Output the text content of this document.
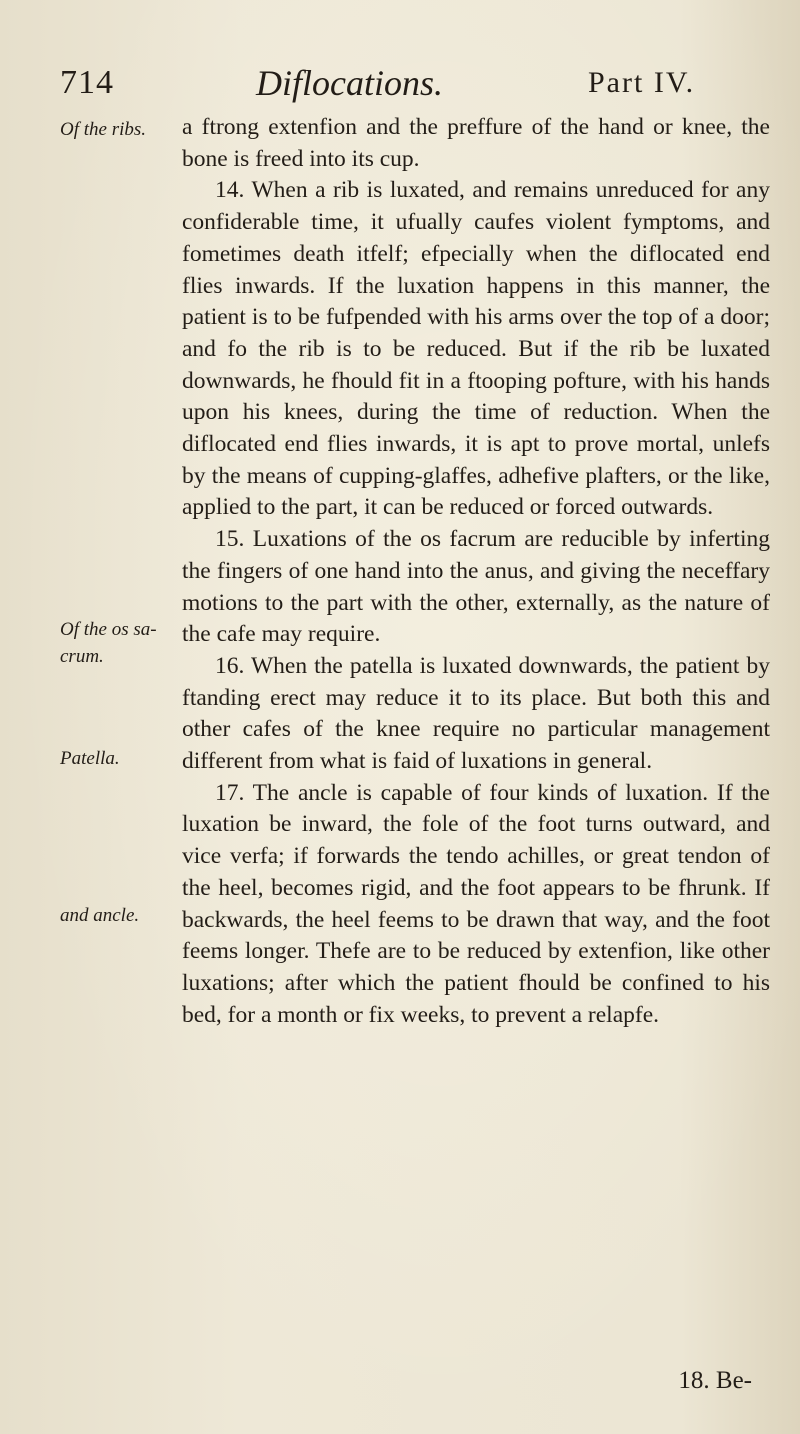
714	Diflocations.	Part IV.
Of the ribs.
Of the os sa-crum.
Patella.
and ancle.

a ftrong extenfion and the preffure of the hand or knee, the bone is freed into its cup.

14. When a rib is luxated, and remains unreduced for any confiderable time, it ufually caufes violent fymptoms, and fometimes death itfelf; efpecially when the diflocated end flies inwards. If the luxation happens in this manner, the patient is to be fufpended with his arms over the top of a door; and fo the rib is to be reduced. But if the rib be luxated downwards, he fhould fit in a ftooping pofture, with his hands upon his knees, during the time of reduction. When the diflocated end flies inwards, it is apt to prove mortal, unlefs by the means of cupping-glaffes, adhefive plafters, or the like, applied to the part, it can be reduced or forced outwards.

15. Luxations of the os facrum are reducible by inferting the fingers of one hand into the anus, and giving the neceffary motions to the part with the other, externally, as the nature of the cafe may require.

16. When the patella is luxated downwards, the patient by ftanding erect may reduce it to its place. But both this and other cafes of the knee require no particular management different from what is faid of luxations in general.

17. The ancle is capable of four kinds of luxation. If the luxation be inward, the fole of the foot turns outward, and vice verfa; if forwards the tendo achilles, or great tendon of the heel, becomes rigid, and the foot appears to be fhrunk. If backwards, the heel feems to be drawn that way, and the foot feems longer. Thefe are to be reduced by extenfion, like other luxations; after which the patient fhould be confined to his bed, for a month or fix weeks, to prevent a relapfe.

18. Be-
